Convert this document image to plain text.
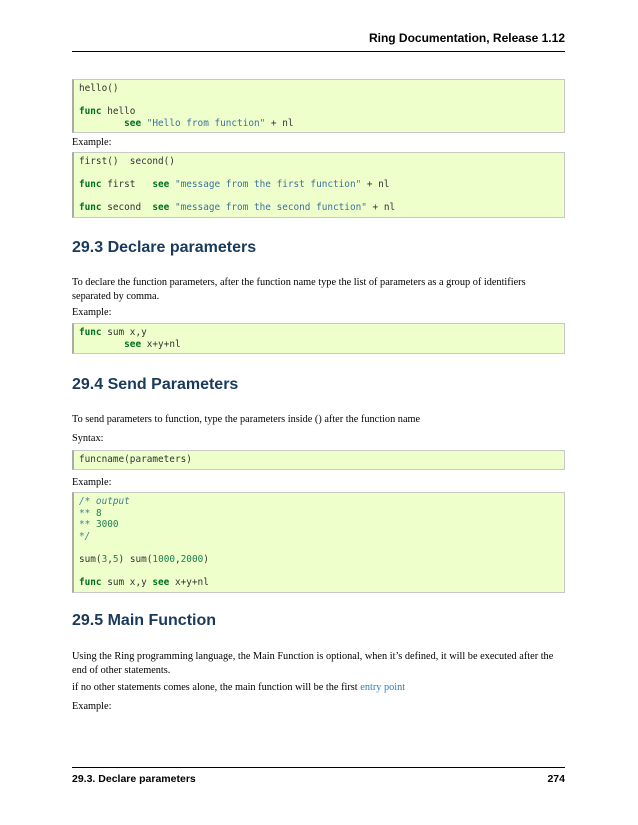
Ring Documentation, Release 1.12
hello()
func hello
see "Hello from function" + nl

Example:

first()  second()
func first   see "message from the first function" + nl
func second  see "message from the second function" + nl
29.3 Declare parameters

To declare the function parameters, after the function name type the list of parameters as a group of identifiers separated by comma.

Example:

func sum x,y
see x+y+nl
29.4 Send Parameters

To send parameters to function, type the parameters inside () after the function name

Syntax:

funcname(parameters)

Example:

/* output
** 8
** 3000
*/
sum(3,5) sum(1000,2000)
func sum x,y see x+y+nl
29.5 Main Function

Using the Ring programming language, the Main Function is optional, when it’s defined, it will be executed after the end of other statements.

if no other statements comes alone, the main function will be the first entry point

Example:

29.3. Declare parameters	274
